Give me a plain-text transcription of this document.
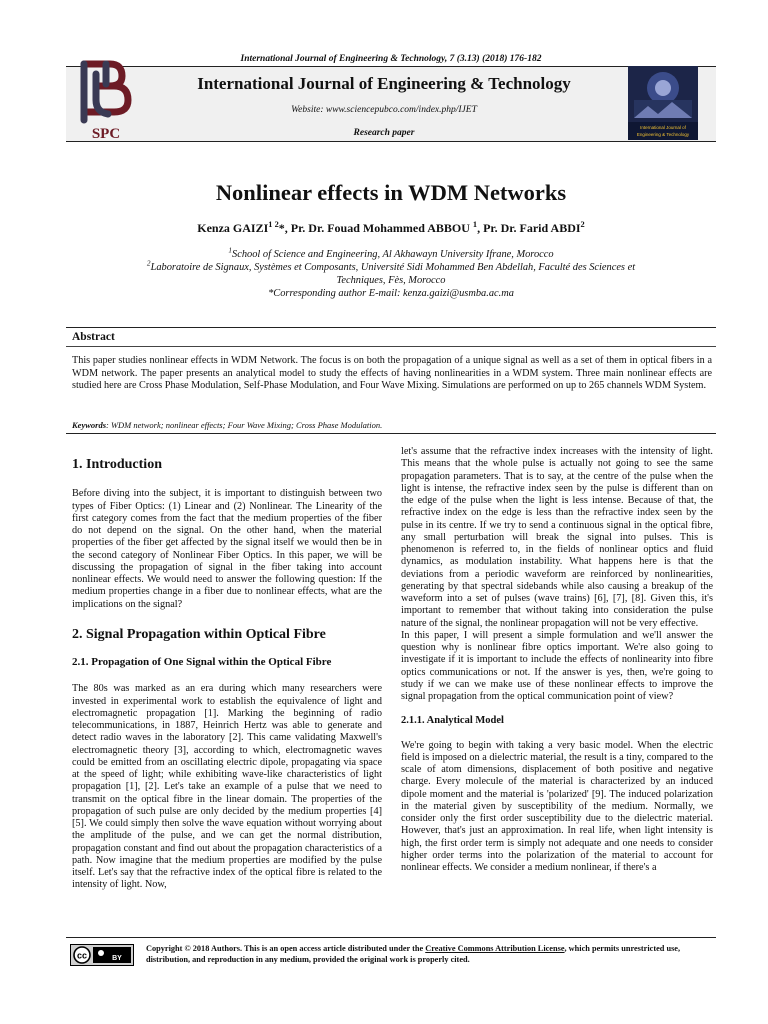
International Journal of Engineering & Technology, 7 (3.13) (2018) 176-182
SPC
International Journal of Engineering & Technology
Website: www.sciencepubco.com/index.php/IJET
Research paper
International Journal of
Engineering & Technology
Nonlinear effects in WDM Networks
Kenza $GAIZI^{1 2}*$, Pr. Dr. Fouad Mohammed ABBOU $^1$, Pr. Dr. Farid ABDI$^2$
$^1$School of Science and Engineering, Al Akhawayn University Ifrane, Morocco
$^2$Laboratoire de Signaux, Systèmes et Composants, Université Sidi Mohammed Ben Abdellah, Faculté des Sciences et Techniques, Fès, Morocco
*Corresponding author E-mail: kenza.gaizi@usmba.ac.ma
Abstract
This paper studies nonlinear effects in WDM Network. The focus is on both the propagation of a unique signal as well as a set of them in optical fibers in a WDM network. The paper presents an analytical model to study the effects of having nonlinearities in a WDM system. Three main nonlinear effects are studied here are Cross Phase Modulation, Self-Phase Modulation, and Four Wave Mixing. Simulations are performed on up to 265 channels WDM System.
Keywords: WDM network; nonlinear effects; Four Wave Mixing; Cross Phase Modulation.
1. Introduction

Before diving into the subject, it is important to distinguish between two types of Fiber Optics: (1) Linear and (2) Nonlinear. The Linearity of the first category comes from the fact that the medium properties of the fiber do not depend on the signal. On the other hand, when the material properties of the fiber get affected by the signal itself we would then be in the second category of Nonlinear Fiber Optics. In this paper, we will be discussing the propagation of signal in the fiber taking into account nonlinear effects. We would need to answer the following question: If the medium properties change in a fiber due to nonlinear effects, what are the implications on the signal?

2. Signal Propagation within Optical Fibre
2.1. Propagation of One Signal within the Optical Fibre

The 80s was marked as an era during which many researchers were invested in experimental work to establish the equivalence of light and electromagnetic propagation [1]. Marking the beginning of radio telecommunications, in 1887, Heinrich Hertz was able to generate and detect radio waves in the laboratory [2]. This came validating Maxwell's electromagnetic theory [3], according to which, electromagnetic waves could be emitted from an oscillating electric dipole, propagating via space at the speed of light; while exhibiting wave-like characteristics of light propagation [1], [2]. Let's take an example of a pulse that we need to transmit on the optical fibre in the linear domain. The properties of the propagation of such pulse are only decided by the medium properties [4] [5]. We could simply then solve the wave equation without worrying about the amplitude of the pulse, and we can get the normal distribution, propagation constant and find out about the propagation characteristics of a path. Now imagine that the medium properties are modified by the pulse itself. Let's say that the refractive index of the optical fibre is related to the intensity of light. Now,

let's assume that the refractive index increases with the intensity of light. This means that the whole pulse is actually not going to see the same propagation parameters. That is to say, at the centre of the pulse when the light is intense, the refractive index seen by the pulse is different than on the edge of the pulse when the light is less intense. Because of that, the refractive index on the edge is less than the refractive index seen by the pulse in its centre. If we try to send a continuous signal in the optical fibre, any small perturbation will break the signal into pulses. This is phenomenon is referred to, in the fields of nonlinear optics and fluid dynamics, as modulation instability. What happens here is that the deviations from a periodic waveform are reinforced by nonlinearities, generating by that spectral sidebands while also causing a breakup of the waveform into a set of pulses (wave trains) [6], [7], [8]. Given this, it's important to remember that without taking into consideration the pulse nature of the signal, the nonlinear propagation will not be very effective.

In this paper, I will present a simple formulation and we'll answer the question why is nonlinear fibre optics important. We're also going to investigate if it is important to include the effects of nonlinearity into fibre optics communications or not. If the answer is yes, then, we're going to study if we can we make use of these nonlinear effects to improve the signal propagation from the optical communication point of view?

2.1.1. Analytical Model

We're going to begin with taking a very basic model. When the electric field is imposed on a dielectric material, the result is a tiny, compared to the scale of atom dimensions, displacement of both positive and negative charge. Every molecule of the material is characterized by an induced dipole moment and the material is 'polarized' [9]. The induced polarization in the material given by susceptibility of the medium. Normally, we consider only the first order susceptibility due to the dielectric material. However, that's just an approximation. In real life, when light intensity is high, the first order term is simply not adequate and one needs to consider higher order terms into the polarization of the material to account for nonlinear effects. We consider a medium nonlinear, if there's a

cc	BY
Copyright © 2018 Authors. This is an open access article distributed under the Creative Commons Attribution License, which permits unrestricted use, distribution, and reproduction in any medium, provided the original work is properly cited.
